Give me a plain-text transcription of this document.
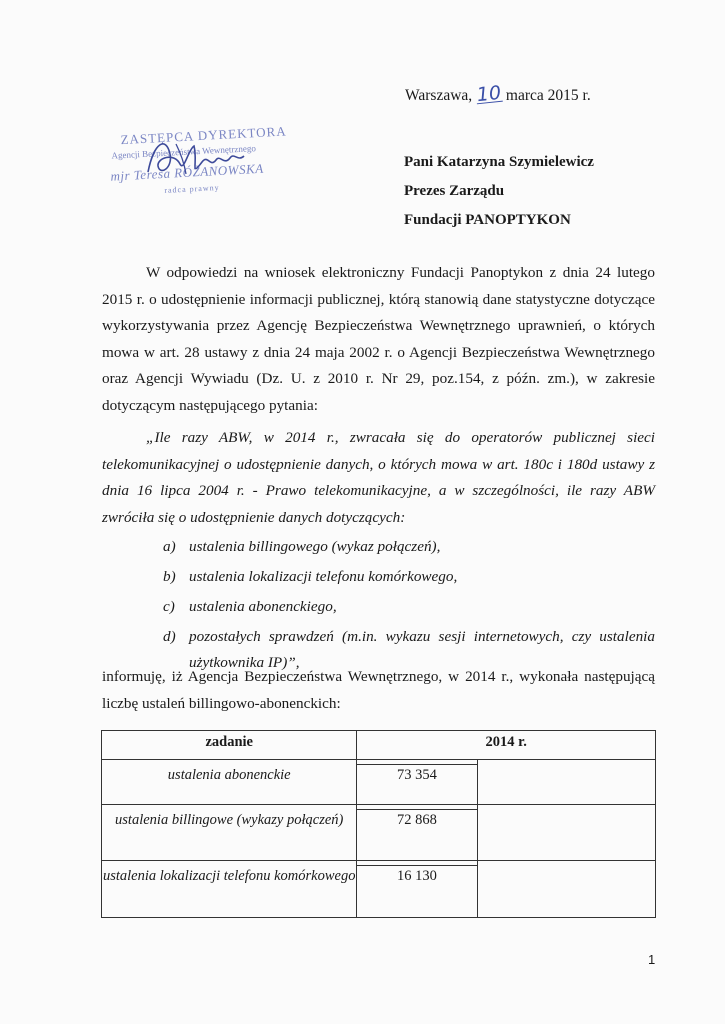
Warszawa, 10 marca 2015 r.
ZASTĘPCA DYREKTORA
Agencji Bezpieczeństwa Wewnętrznego
mjr Teresa RÓŻANOWSKA
radca prawny
Pani Katarzyna Szymielewicz
Prezes Zarządu
Fundacji PANOPTYKON
W odpowiedzi na wniosek elektroniczny Fundacji Panoptykon z dnia 24 lutego 2015 r. o udostępnienie informacji publicznej, którą stanowią dane statystyczne dotyczące wykorzystywania przez Agencję Bezpieczeństwa Wewnętrznego uprawnień, o których mowa w art. 28 ustawy z dnia 24 maja 2002 r. o Agencji Bezpieczeństwa Wewnętrznego oraz Agencji Wywiadu (Dz. U. z 2010 r. Nr 29, poz.154, z późn. zm.), w zakresie dotyczącym następującego pytania:
„Ile razy ABW, w 2014 r., zwracała się do operatorów publicznej sieci telekomunikacyjnej o udostępnienie danych, o których mowa w art. 180c i 180d ustawy z dnia 16 lipca 2004 r. - Prawo telekomunikacyjne, a w szczególności, ile razy ABW zwróciła się o udostępnienie danych dotyczących:
a) ustalenia billingowego (wykaz połączeń),
b) ustalenia lokalizacji telefonu komórkowego,
c) ustalenia abonenckiego,
d) pozostałych sprawdzeń (m.in. wykazu sesji internetowych, czy ustalenia użytkownika IP)”,
informuję, iż Agencja Bezpieczeństwa Wewnętrznego, w 2014 r., wykonała następującą liczbę ustaleń billingowo-abonenckich:
zadanie	2014 r.	
ustalenia abonenckie	73 354	
ustalenia billingowe (wykazy połączeń)	72 868	
ustalenia lokalizacji telefonu komórkowego	16 130	
1
